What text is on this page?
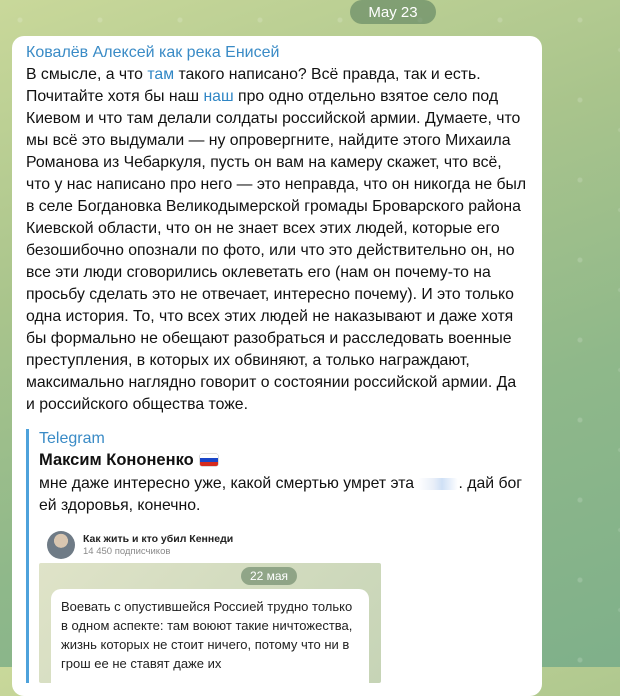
May 23
Ковалёв Алексей как река Енисей

В смысле, а что там такого написано? Всё правда, так и есть. Почитайте хотя бы наш наш про одно отдельно взятое село под Киевом и что там делали солдаты российской армии. Думаете, что мы всё это выдумали — ну опровергните, найдите этого Михаила Романова из Чебаркуля, пусть он вам на камеру скажет, что всё, что у нас написано про него — это неправда, что он никогда не был в селе Богдановка Великодымерской громады Броварского района Киевской области, что он не знает всех этих людей, которые его безошибочно опознали по фото, или что это действительно он, но все эти люди сговорились оклеветать его (нам он почему-то на просьбу сделать это не отвечает, интересно почему). И это только одна история. То, что всех этих людей не наказывают и даже хотя бы формально не обещают разобраться и расследовать военные преступления, в которых их обвиняют, а только награждают, максимально наглядно говорит о состоянии российской армии. Да и российского общества тоже.

Telegram
Максим Кононенко
мне даже интересно уже, какой смертью умрет эта	. дай бог ей здоровья, конечно.
Как жить и кто убил Кеннеди
14 450 подписчиков
22 мая
Воевать с опустившейся Россией трудно только в одном аспекте: там воюют такие ничтожества, жизнь которых не стоит ничего, потому что ни в грош ее не ставят даже их
